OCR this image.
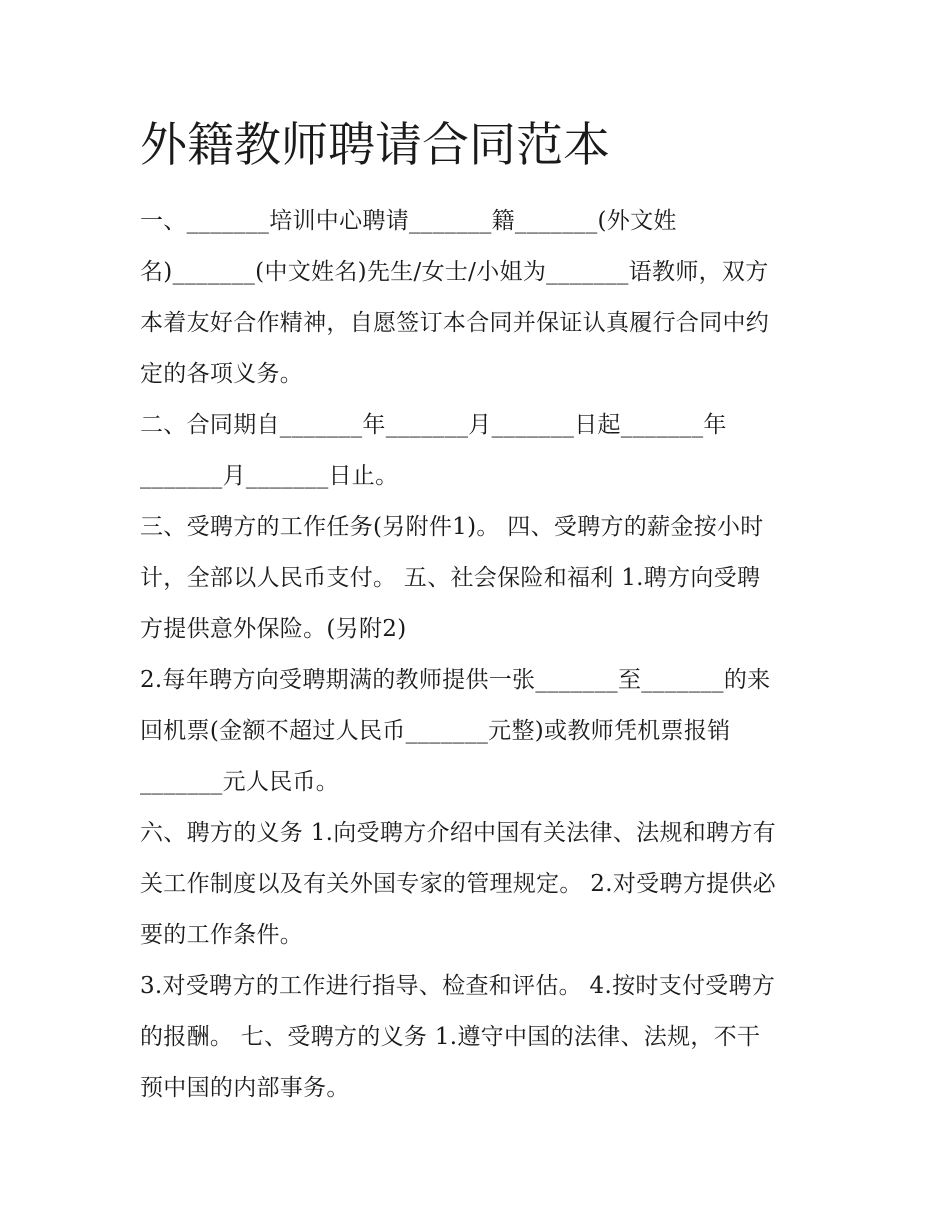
外籍教师聘请合同范本
一、_______培训中心聘请_______籍_______(外文姓
名)_______(中文姓名)先生/女士/小姐为_______语教师，双方
本着友好合作精神，自愿签订本合同并保证认真履行合同中约
定的各项义务。
二、合同期自_______年_______月_______日起_______年
_______月_______日止。
三、受聘方的工作任务(另附件1)。 四、受聘方的薪金按小时
计，全部以人民币支付。 五、社会保险和福利 1.聘方向受聘
方提供意外保险。(另附2)
2.每年聘方向受聘期满的教师提供一张_______至_______的来
回机票(金额不超过人民币_______元整)或教师凭机票报销
_______元人民币。
六、聘方的义务 1.向受聘方介绍中国有关法律、法规和聘方有
关工作制度以及有关外国专家的管理规定。 2.对受聘方提供必
要的工作条件。
3.对受聘方的工作进行指导、检查和评估。 4.按时支付受聘方
的报酬。 七、受聘方的义务 1.遵守中国的法律、法规，不干
预中国的内部事务。
